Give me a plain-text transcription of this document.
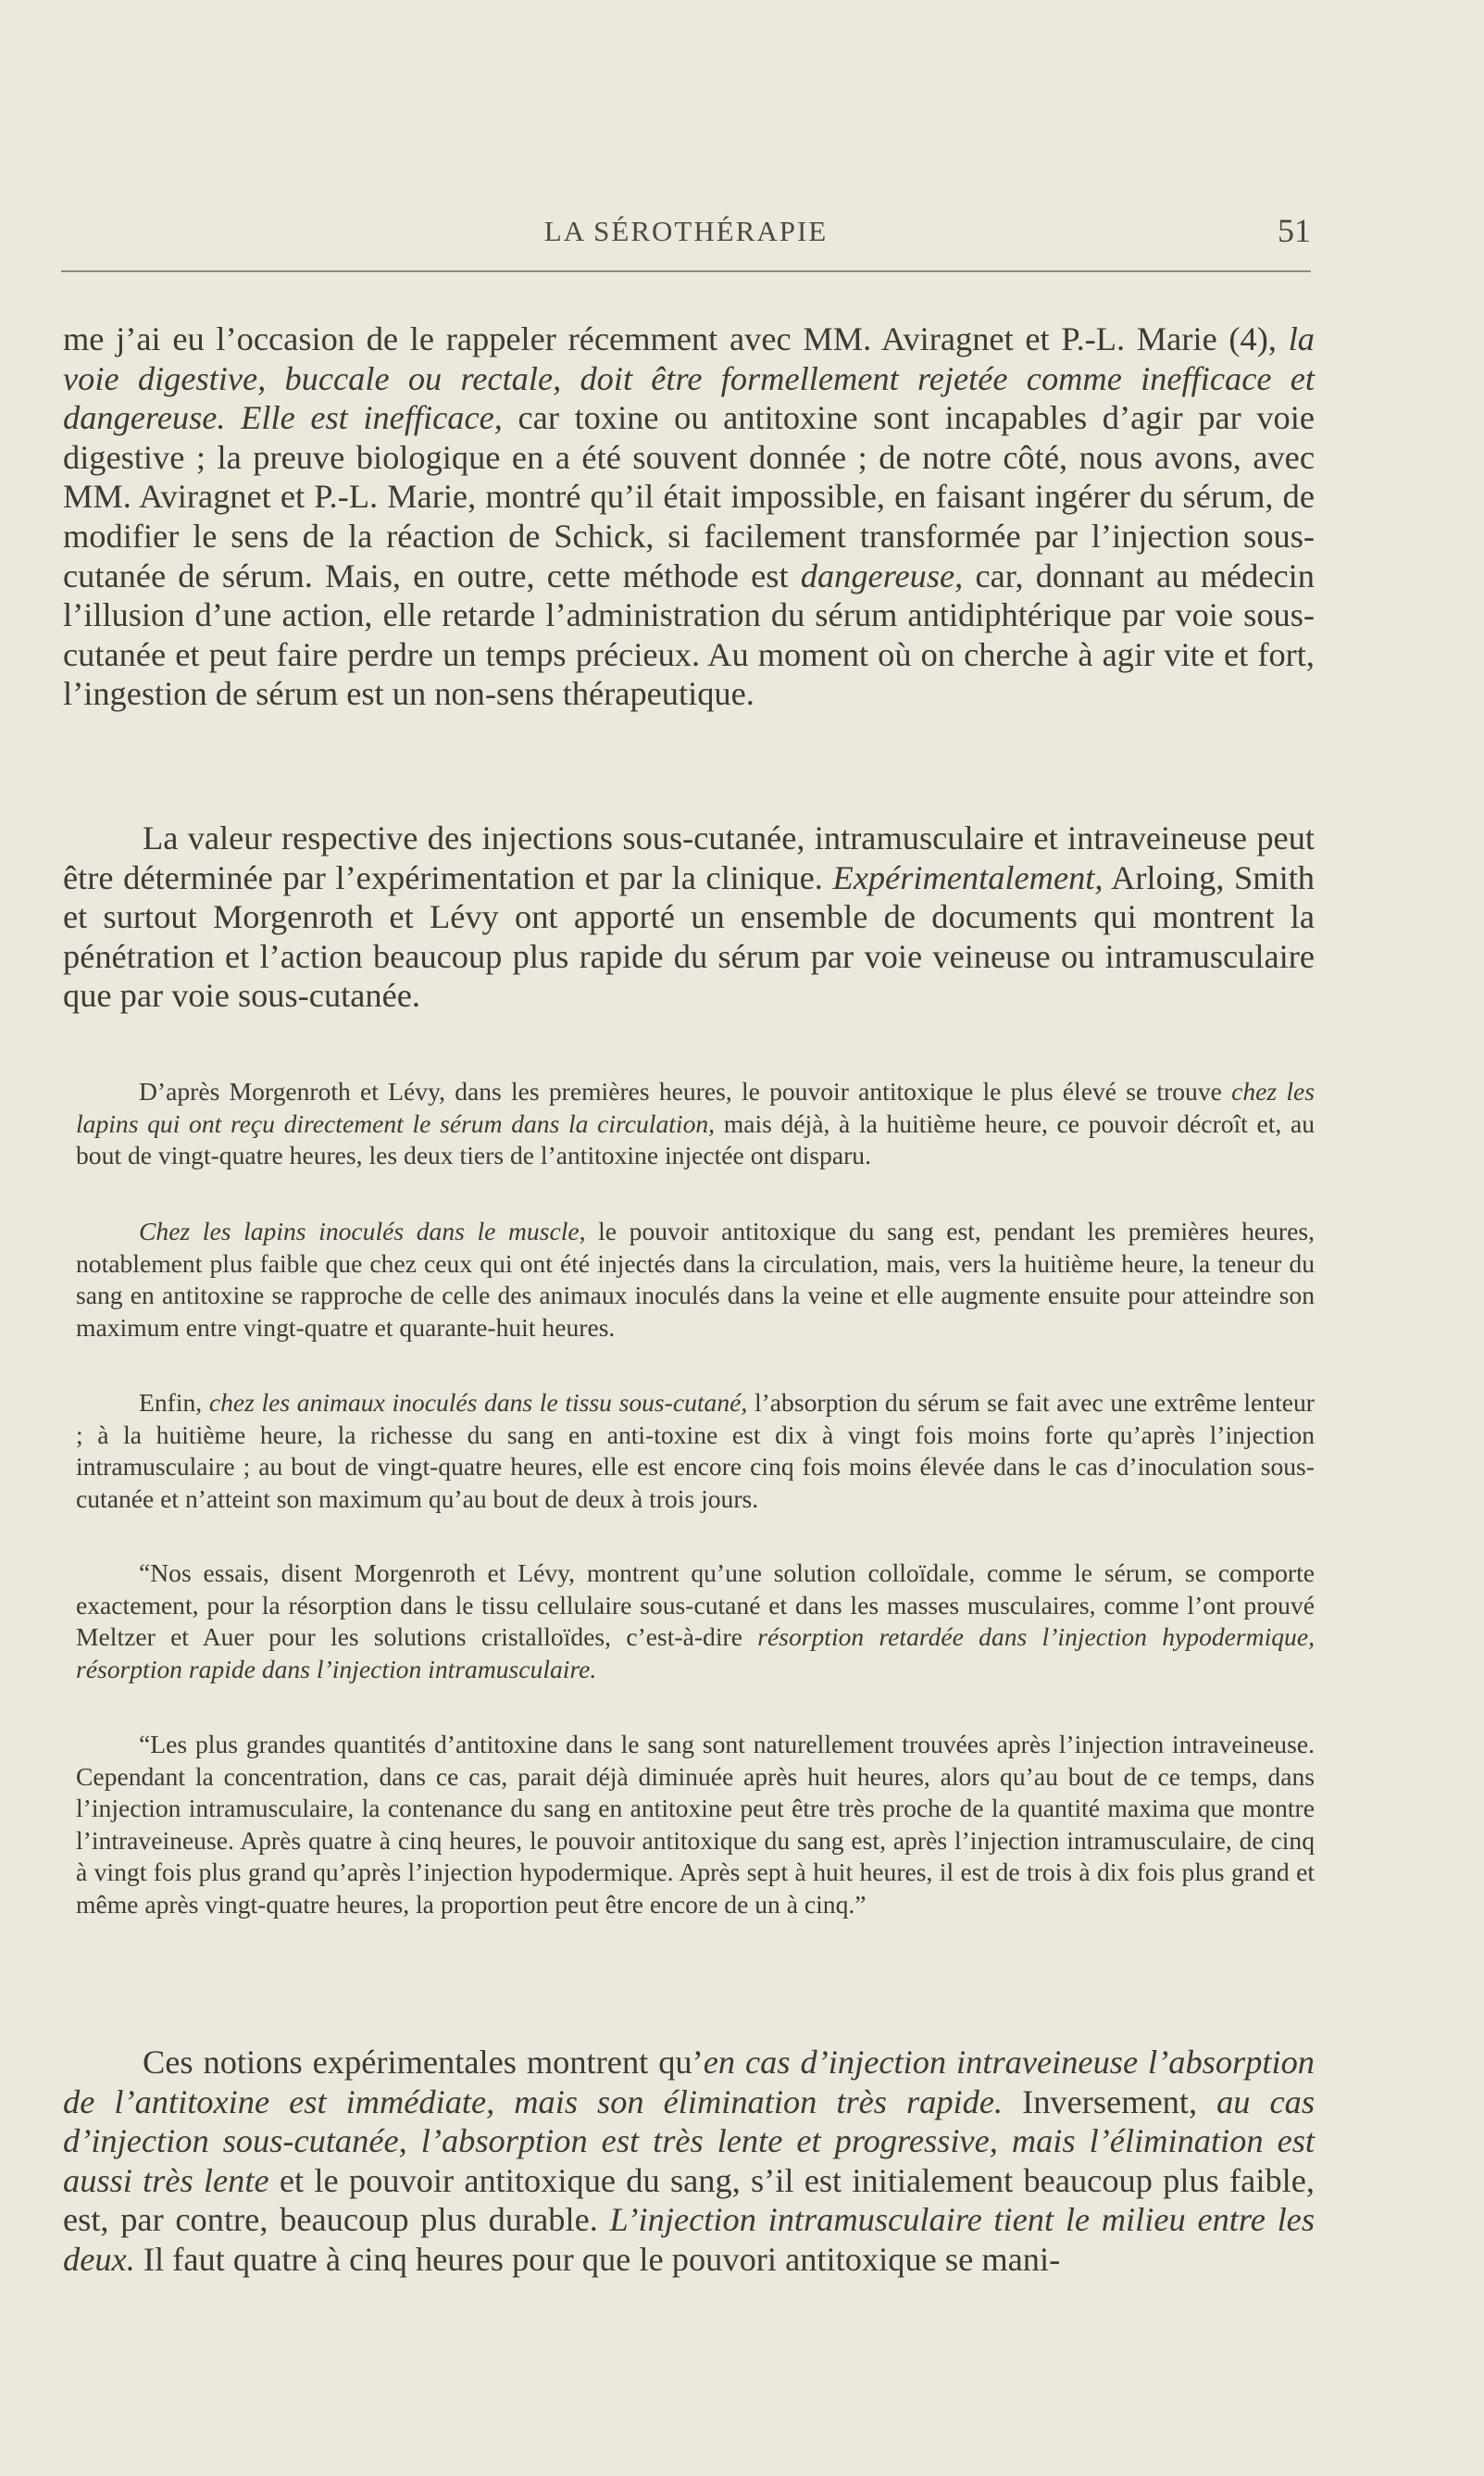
LA SÉROTHÉRAPIE	51

me j’ai eu l’occasion de le rappeler récemment avec MM. Aviragnet et P.-L. Marie (4), la voie digestive, buccale ou rectale, doit être formellement rejetée comme inefficace et dangereuse. Elle est inefficace, car toxine ou antitoxine sont incapables d’agir par voie digestive ; la preuve biologique en a été souvent donnée ; de notre côté, nous avons, avec MM. Aviragnet et P.-L. Marie, montré qu’il était impossible, en faisant ingérer du sérum, de modifier le sens de la réaction de Schick, si facilement transformée par l’injection sous-cutanée de sérum. Mais, en outre, cette méthode est dangereuse, car, donnant au médecin l’illusion d’une action, elle retarde l’administration du sérum antidiphtérique par voie sous-cutanée et peut faire perdre un temps précieux. Au moment où on cherche à agir vite et fort, l’ingestion de sérum est un non-sens thérapeutique.

La valeur respective des injections sous-cutanée, intramusculaire et intraveineuse peut être déterminée par l’expérimentation et par la clinique. Expérimentalement, Arloing, Smith et surtout Morgenroth et Lévy ont apporté un ensemble de documents qui montrent la pénétration et l’action beaucoup plus rapide du sérum par voie veineuse ou intramusculaire que par voie sous-cutanée.

D’après Morgenroth et Lévy, dans les premières heures, le pouvoir antitoxique le plus élevé se trouve chez les lapins qui ont reçu directement le sérum dans la circulation, mais déjà, à la huitième heure, ce pouvoir décroît et, au bout de vingt-quatre heures, les deux tiers de l’antitoxine injectée ont disparu.

Chez les lapins inoculés dans le muscle, le pouvoir antitoxique du sang est, pendant les premières heures, notablement plus faible que chez ceux qui ont été injectés dans la circulation, mais, vers la huitième heure, la teneur du sang en antitoxine se rapproche de celle des animaux inoculés dans la veine et elle augmente ensuite pour atteindre son maximum entre vingt-quatre et quarante-huit heures.

Enfin, chez les animaux inoculés dans le tissu sous-cutané, l’absorption du sérum se fait avec une extrême lenteur ; à la huitième heure, la richesse du sang en anti-toxine est dix à vingt fois moins forte qu’après l’injection intramusculaire ; au bout de vingt-quatre heures, elle est encore cinq fois moins élevée dans le cas d’inoculation sous-cutanée et n’atteint son maximum qu’au bout de deux à trois jours.

“Nos essais, disent Morgenroth et Lévy, montrent qu’une solution colloïdale, comme le sérum, se comporte exactement, pour la résorption dans le tissu cellulaire sous-cutané et dans les masses musculaires, comme l’ont prouvé Meltzer et Auer pour les solutions cristalloïdes, c’est-à-dire résorption retardée dans l’injection hypodermique, résorption rapide dans l’injection intramusculaire.

“Les plus grandes quantités d’antitoxine dans le sang sont naturellement trouvées après l’injection intraveineuse. Cependant la concentration, dans ce cas, parait déjà diminuée après huit heures, alors qu’au bout de ce temps, dans l’injection intramusculaire, la contenance du sang en antitoxine peut être très proche de la quantité maxima que montre l’intraveineuse. Après quatre à cinq heures, le pouvoir antitoxique du sang est, après l’injection intramusculaire, de cinq à vingt fois plus grand qu’après l’injection hypodermique. Après sept à huit heures, il est de trois à dix fois plus grand et même après vingt-quatre heures, la proportion peut être encore de un à cinq.”

Ces notions expérimentales montrent qu’en cas d’injection intraveineuse l’absorption de l’antitoxine est immédiate, mais son élimination très rapide. Inversement, au cas d’injection sous-cutanée, l’absorption est très lente et progressive, mais l’élimination est aussi très lente et le pouvoir antitoxique du sang, s’il est initialement beaucoup plus faible, est, par contre, beaucoup plus durable. L’injection intramusculaire tient le milieu entre les deux. Il faut quatre à cinq heures pour que le pouvori antitoxique se mani-
